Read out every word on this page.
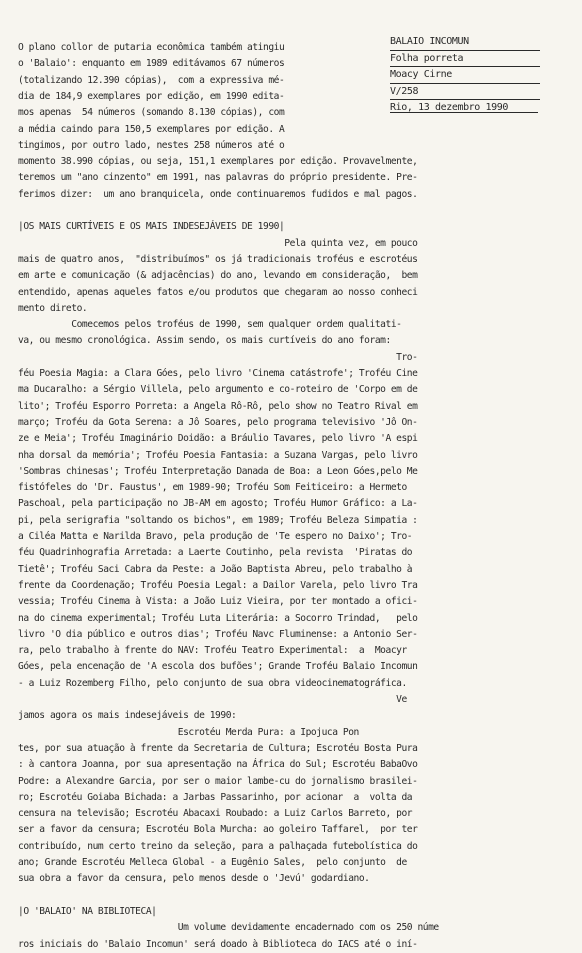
BALAIO INCOMUN
Folha porreta
Moacy Cirne
V/258
Rio, 13 dezembro 1990
O plano collor de putaria econômica também atingiu
o 'Balaio': enquanto em 1989 editávamos 67 números
(totalizando 12.390 cópias),  com a expressiva mé-
dia de 184,9 exemplares por edição, em 1990 edita-
mos apenas  54 números (somando 8.130 cópias), com
a média caindo para 150,5 exemplares por edição. A
tingimos, por outro lado, nestes 258 números até o
momento 38.990 cópias, ou seja, 151,1 exemplares por edição. Provavelmente,
teremos um "ano cinzento" em 1991, nas palavras do próprio presidente. Pre-
ferimos dizer:  um ano branquicela, onde continuaremos fudidos e mal pagos.
|OS MAIS CURTÍVEIS E OS MAIS INDESEJÁVEIS DE 1990|
Pela quinta vez, em pouco
mais de quatro anos,  "distribuímos" os já tradicionais troféus e escrotéus
em arte e comunicação (& adjacências) do ano, levando em consideração,  bem
entendido, apenas aqueles fatos e/ou produtos que chegaram ao nosso conheci
mento direto.
Comecemos pelos troféus de 1990, sem qualquer ordem qualitati-
va, ou mesmo cronológica. Assim sendo, os mais curtíveis do ano foram:
Tro-
féu Poesia Magia: a Clara Góes, pelo livro 'Cinema catástrofe'; Troféu Cine
ma Ducaralho: a Sérgio Villela, pelo argumento e co-roteiro de 'Corpo em de
lito'; Troféu Esporro Porreta: a Angela Rô-Rô, pelo show no Teatro Rival em
março; Troféu da Gota Serena: a Jô Soares, pelo programa televisivo 'Jô On-
ze e Meia'; Troféu Imaginário Doidão: a Bráulio Tavares, pelo livro 'A espi
nha dorsal da memória'; Troféu Poesia Fantasia: a Suzana Vargas, pelo livro
'Sombras chinesas'; Troféu Interpretação Danada de Boa: a Leon Góes,pelo Me
fistófeles do 'Dr. Faustus', em 1989-90; Troféu Som Feiticeiro: a Hermeto
Paschoal, pela participação no JB-AM em agosto; Troféu Humor Gráfico: a La-
pi, pela serigrafia "soltando os bichos", em 1989; Troféu Beleza Simpatia :
a Ciléa Matta e Narilda Bravo, pela produção de 'Te espero no Daixo'; Tro-
féu Quadrinhografia Arretada: a Laerte Coutinho, pela revista  'Piratas do
Tietê'; Troféu Saci Cabra da Peste: a João Baptista Abreu, pelo trabalho à
frente da Coordenação; Troféu Poesia Legal: a Dailor Varela, pelo livro Tra
vessia; Troféu Cinema à Vista: a João Luiz Vieira, por ter montado a ofici-
na do cinema experimental; Troféu Luta Literária: a Socorro Trindad,   pelo
livro 'O dia público e outros dias'; Troféu Navc Fluminense: a Antonio Ser-
ra, pelo trabalho à frente do NAV: Troféu Teatro Experimental:  a  Moacyr
Góes, pela encenação de 'A escola dos bufões'; Grande Troféu Balaio Incomun
- a Luiz Rozemberg Filho, pelo conjunto de sua obra videocinematográfica.
Ve
jamos agora os mais indesejáveis de 1990:
Escrotéu Merda Pura: a Ipojuca Pon
tes, por sua atuação à frente da Secretaria de Cultura; Escrotéu Bosta Pura
: à cantora Joanna, por sua apresentação na África do Sul; Escrotéu BabaOvo
Podre: a Alexandre Garcia, por ser o maior lambe-cu do jornalismo brasilei-
ro; Escrotéu Goiaba Bichada: a Jarbas Passarinho, por acionar  a  volta da
censura na televisão; Escrotéu Abacaxi Roubado: a Luiz Carlos Barreto, por
ser a favor da censura; Escrotéu Bola Murcha: ao goleiro Taffarel,  por ter
contribuído, num certo treino da seleção, para a palhaçada futebolística do
ano; Grande Escrotéu Melleca Global - a Eugênio Sales,  pelo conjunto  de
sua obra a favor da censura, pelo menos desde o 'Jevú' godardiano.
|O 'BALAIO' NA BIBLIOTECA|
Um volume devidamente encadernado com os 250 núme
ros iniciais do 'Balaio Incomun' será doado à Biblioteca do IACS até o iní-
